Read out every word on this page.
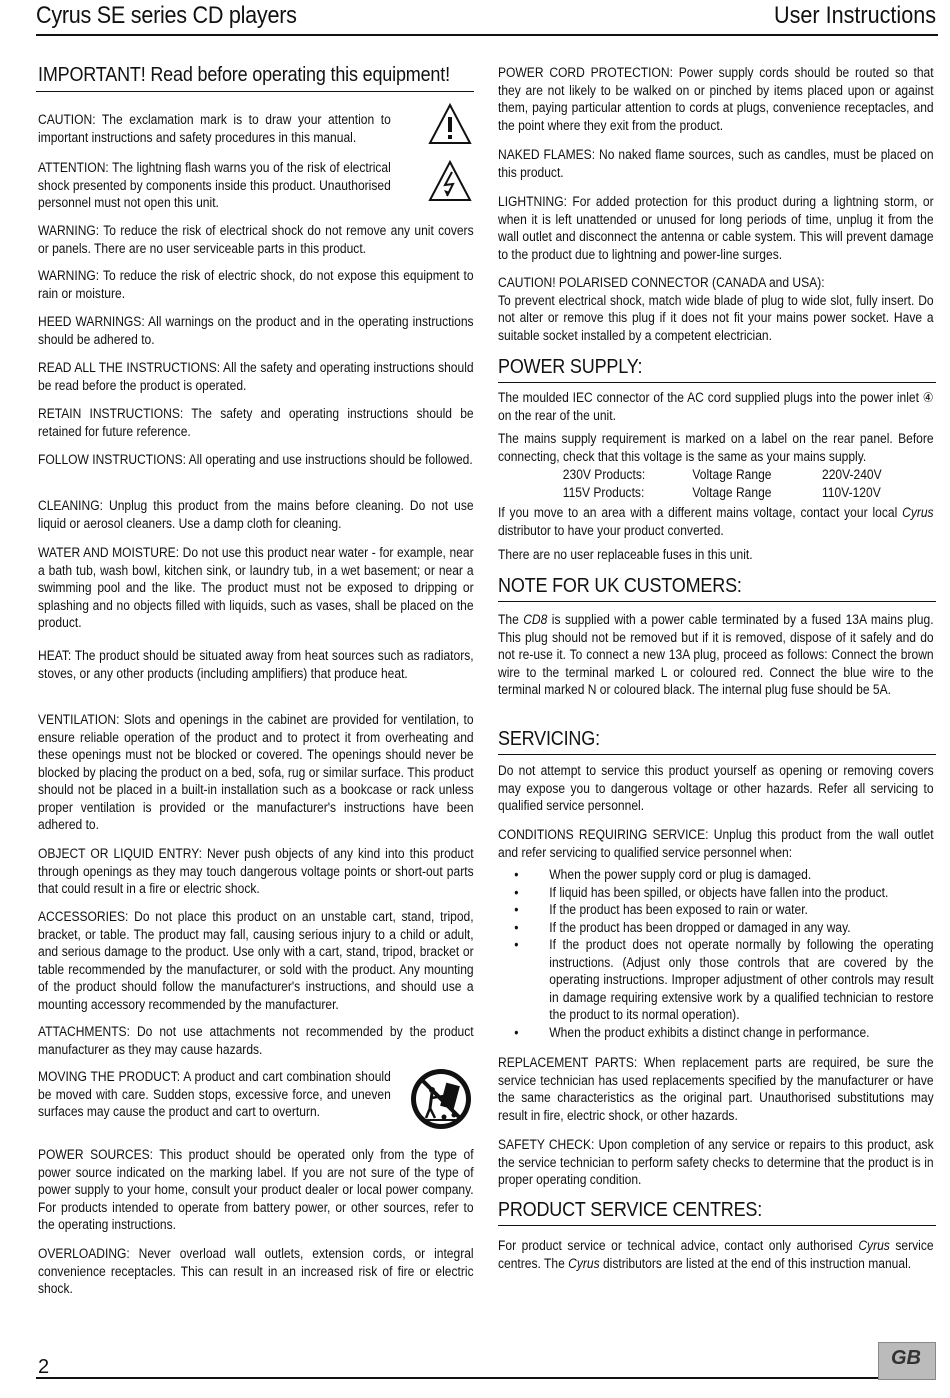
Cyrus SE series CD players	User Instructions
IMPORTANT! Read before operating this equipment!
CAUTION: The exclamation mark is to draw your attention to important instructions and safety procedures in this manual.
ATTENTION: The lightning flash warns you of the risk of electrical shock presented by components inside this product. Unauthorised personnel must not open this unit.
WARNING: To reduce the risk of electrical shock do not remove any unit covers or panels. There are no user serviceable parts in this product.
WARNING: To reduce the risk of electric shock, do not expose this equipment to rain or moisture.
HEED WARNINGS: All warnings on the product and in the operating instructions should be adhered to.
READ ALL THE INSTRUCTIONS: All the safety and operating instructions should be read before the product is operated.
RETAIN INSTRUCTIONS: The safety and operating instructions should be retained for future reference.
FOLLOW INSTRUCTIONS: All operating and use instructions should be followed.
CLEANING: Unplug this product from the mains before cleaning. Do not use liquid or aerosol cleaners. Use a damp cloth for cleaning.
WATER AND MOISTURE: Do not use this product near water - for example, near a bath tub, wash bowl, kitchen sink, or laundry tub, in a wet basement; or near a swimming pool and the like. The product must not be exposed to dripping or splashing and no objects filled with liquids, such as vases, shall be placed on the product.
HEAT: The product should be situated away from heat sources such as radiators, stoves, or any other products (including amplifiers) that produce heat.
VENTILATION: Slots and openings in the cabinet are provided for ventilation, to ensure reliable operation of the product and to protect it from overheating and these openings must not be blocked or covered. The openings should never be blocked by placing the product on a bed, sofa, rug or similar surface. This product should not be placed in a built-in installation such as a bookcase or rack unless proper ventilation is provided or the manufacturer's instructions have been adhered to.
OBJECT OR LIQUID ENTRY: Never push objects of any kind into this product through openings as they may touch dangerous voltage points or short-out parts that could result in a fire or electric shock.
ACCESSORIES: Do not place this product on an unstable cart, stand, tripod, bracket, or table. The product may fall, causing serious injury to a child or adult, and serious damage to the product. Use only with a cart, stand, tripod, bracket or table recommended by the manufacturer, or sold with the product. Any mounting of the product should follow the manufacturer's instructions, and should use a mounting accessory recommended by the manufacturer.
ATTACHMENTS: Do not use attachments not recommended by the product manufacturer as they may cause hazards.
MOVING THE PRODUCT: A product and cart combination should be moved with care. Sudden stops, excessive force, and uneven surfaces may cause the product and cart to overturn.
POWER SOURCES: This product should be operated only from the type of power source indicated on the marking label. If you are not sure of the type of power supply to your home, consult your product dealer or local power company. For products intended to operate from battery power, or other sources, refer to the operating instructions.
OVERLOADING: Never overload wall outlets, extension cords, or integral convenience receptacles. This can result in an increased risk of fire or electric shock.
POWER CORD PROTECTION: Power supply cords should be routed so that they are not likely to be walked on or pinched by items placed upon or against them, paying particular attention to cords at plugs, convenience receptacles, and the point where they exit from the product.
NAKED FLAMES: No naked flame sources, such as candles, must be placed on this product.
LIGHTNING: For added protection for this product during a lightning storm, or when it is left unattended or unused for long periods of time, unplug it from the wall outlet and disconnect the antenna or cable system. This will prevent damage to the product due to lightning and power-line surges.
CAUTION! POLARISED CONNECTOR (CANADA and USA):
To prevent electrical shock, match wide blade of plug to wide slot, fully insert. Do not alter or remove this plug if it does not fit your mains power socket. Have a suitable socket installed by a competent electrician.
POWER SUPPLY:
The moulded IEC connector of the AC cord supplied plugs into the power inlet ④ on the rear of the unit.
The mains supply requirement is marked on a label on the rear panel. Before connecting, check that this voltage is the same as your mains supply.
230V Products:	Voltage Range	220V-240V
115V Products:	Voltage Range	110V-120V
If you move to an area with a different mains voltage, contact your local Cyrus distributor to have your product converted.
There are no user replaceable fuses in this unit.
NOTE FOR UK CUSTOMERS:
The CD8 is supplied with a power cable terminated by a fused 13A mains plug. This plug should not be removed but if it is removed, dispose of it safely and do not re-use it. To connect a new 13A plug, proceed as follows: Connect the brown wire to the terminal marked L or coloured red. Connect the blue wire to the terminal marked N or coloured black. The internal plug fuse should be 5A.
SERVICING:
Do not attempt to service this product yourself as opening or removing covers may expose you to dangerous voltage or other hazards. Refer all servicing to qualified service personnel.
CONDITIONS REQUIRING SERVICE: Unplug this product from the wall outlet and refer servicing to qualified service personnel when:
• When the power supply cord or plug is damaged.
• If liquid has been spilled, or objects have fallen into the product.
• If the product has been exposed to rain or water.
• If the product has been dropped or damaged in any way.
• If the product does not operate normally by following the operating instructions. (Adjust only those controls that are covered by the operating instructions. Improper adjustment of other controls may result in damage requiring extensive work by a qualified technician to restore the product to its normal operation).
• When the product exhibits a distinct change in performance.
REPLACEMENT PARTS: When replacement parts are required, be sure the service technician has used replacements specified by the manufacturer or have the same characteristics as the original part. Unauthorised substitutions may result in fire, electric shock, or other hazards.
SAFETY CHECK: Upon completion of any service or repairs to this product, ask the service technician to perform safety checks to determine that the product is in proper operating condition.
PRODUCT SERVICE CENTRES:
For product service or technical advice, contact only authorised Cyrus service centres. The Cyrus distributors are listed at the end of this instruction manual.
2	GB
